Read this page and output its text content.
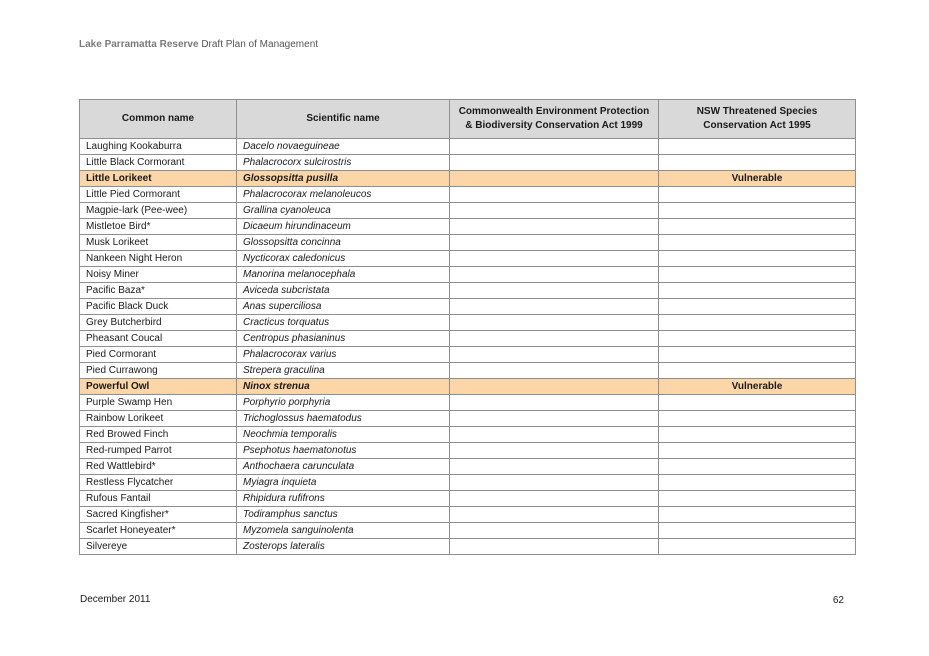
Lake Parramatta Reserve Draft Plan of Management
Common name	Scientific name	Commonwealth Environment Protection & Biodiversity Conservation Act 1999	NSW Threatened Species Conservation Act 1995
Laughing Kookaburra	Dacelo novaeguineae		
Little Black Cormorant	Phalacrocorx sulcirostris		
Little Lorikeet	Glossopsitta pusilla		Vulnerable
Little Pied Cormorant	Phalacrocorax melanoleucos		
Magpie-lark (Pee-wee)	Grallina cyanoleuca		
Mistletoe Bird*	Dicaeum hirundinaceum		
Musk Lorikeet	Glossopsitta concinna		
Nankeen Night Heron	Nycticorax caledonicus		
Noisy Miner	Manorina melanocephala		
Pacific Baza*	Aviceda subcristata		
Pacific Black Duck	Anas superciliosa		
Grey Butcherbird	Cracticus torquatus		
Pheasant Coucal	Centropus phasianinus		
Pied Cormorant	Phalacrocorax varius		
Pied Currawong	Strepera graculina		
Powerful Owl	Ninox strenua		Vulnerable
Purple Swamp Hen	Porphyrio porphyria		
Rainbow Lorikeet	Trichoglossus haematodus		
Red Browed Finch	Neochmia temporalis		
Red-rumped Parrot	Psephotus haematonotus		
Red Wattlebird*	Anthochaera carunculata		
Restless Flycatcher	Myiagra inquieta		
Rufous Fantail	Rhipidura rufifrons		
Sacred Kingfisher*	Todiramphus sanctus		
Scarlet Honeyeater*	Myzomela sanguinolenta		
Silvereye	Zosterops lateralis		
December 2011	62
